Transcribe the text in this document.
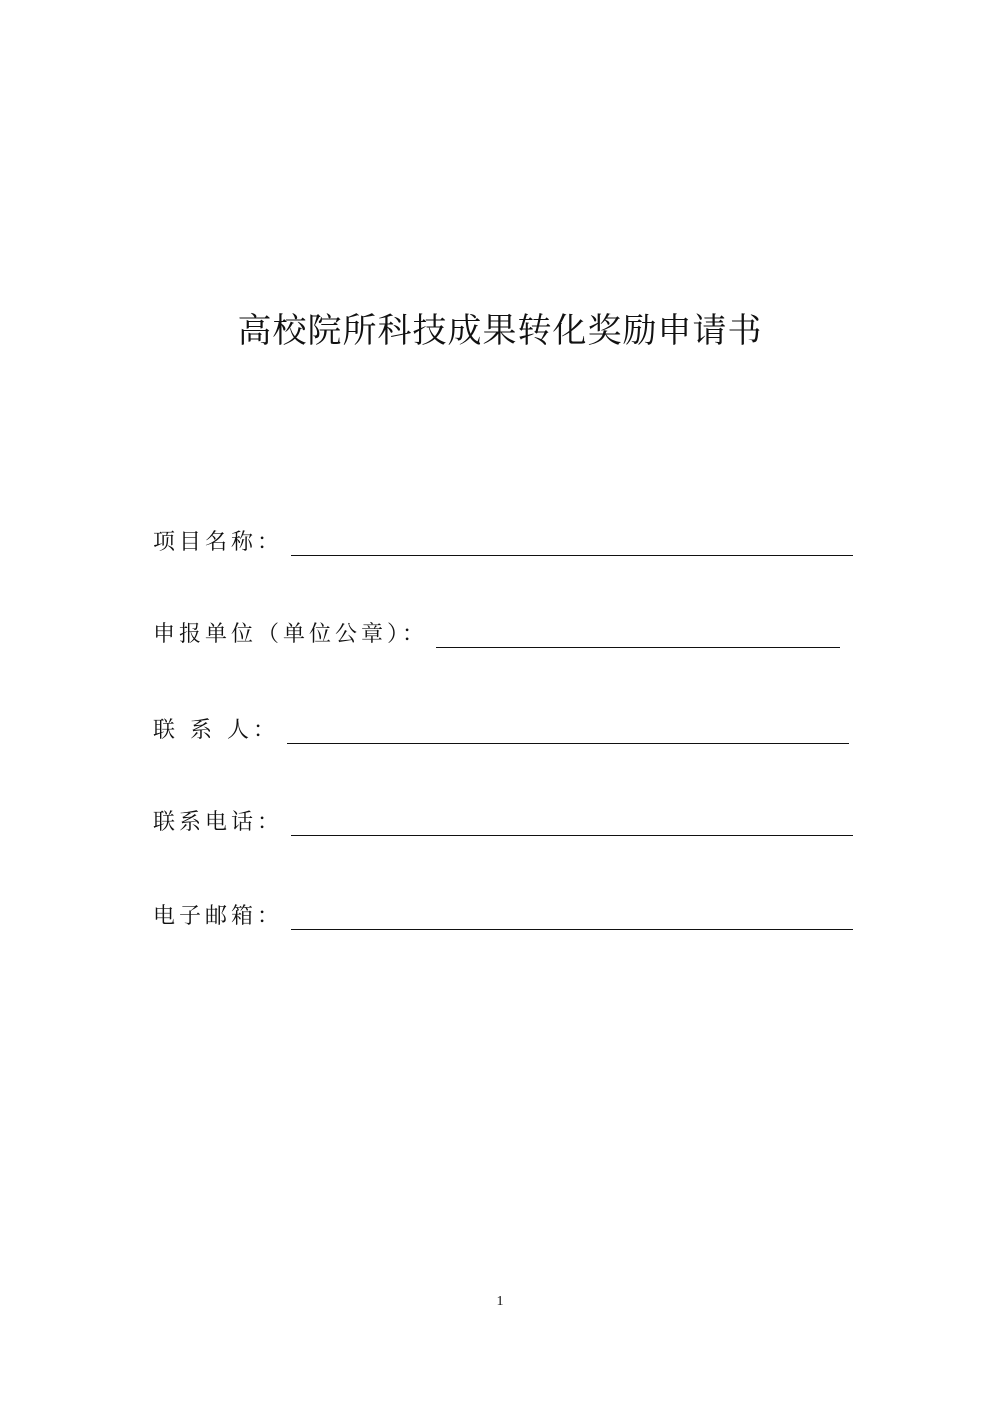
高校院所科技成果转化奖励申请书
项目名称：
申报单位（单位公章）：
联 系 人：
联系电话：
电子邮箱：
1
